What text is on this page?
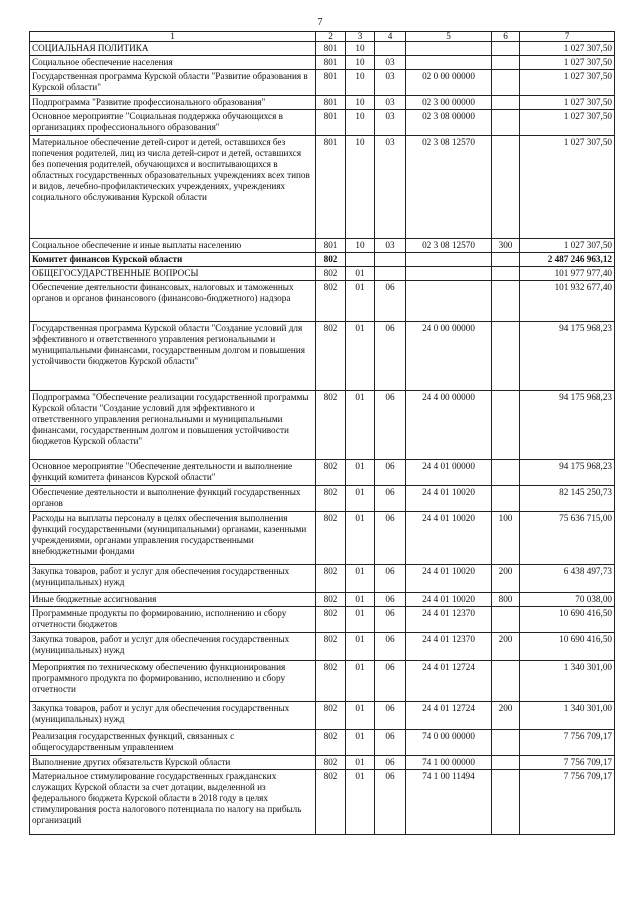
7
1	2	3	4	5	6	7
СОЦИАЛЬНАЯ ПОЛИТИКА	801	10				1 027 307,50
Социальное обеспечение населения	801	10	03			1 027 307,50
Государственная программа Курской области "Развитие образования в Курской области"	801	10	03	02 0 00 00000		1 027 307,50
Подпрограмма "Развитие профессионального образования"	801	10	03	02 3 00 00000		1 027 307,50
Основное мероприятие "Социальная поддержка обучающихся в организациях профессионального образования"	801	10	03	02 3 08 00000		1 027 307,50
Материальное обеспечение детей-сирот и детей, оставшихся без попечения родителей, лиц из числа детей-сирот и детей, оставшихся без попечения родителей, обучающихся и воспитывающихся в областных государственных образовательных учреждениях всех типов и видов, лечебно-профилактических учреждениях, учреждениях социального обслуживания Курской области	801	10	03	02 3 08 12570		1 027 307,50
Социальное обеспечение и иные выплаты населению	801	10	03	02 3 08 12570	300	1 027 307,50
Комитет финансов Курской области	802					2 487 246 963,12
ОБЩЕГОСУДАРСТВЕННЫЕ ВОПРОСЫ	802	01				101 977 977,40
Обеспечение деятельности финансовых, налоговых и таможенных органов и органов финансового (финансово-бюджетного) надзора	802	01	06			101 932 677,40
Государственная программа Курской области "Создание условий для эффективного и ответственного управления региональными и муниципальными финансами, государственным долгом и повышения устойчивости бюджетов Курской области"	802	01	06	24 0 00 00000		94 175 968,23
Подпрограмма "Обеспечение реализации государственной программы Курской области "Создание условий для эффективного и ответственного управления региональными и муниципальными финансами, государственным долгом и повышения устойчивости бюджетов Курской области"	802	01	06	24 4 00 00000		94 175 968,23
Основное мероприятие "Обеспечение деятельности и выполнение функций комитета финансов Курской области"	802	01	06	24 4 01 00000		94 175 968,23
Обеспечение деятельности и выполнение функций государственных органов	802	01	06	24 4 01 10020		82 145 250,73
Расходы на выплаты персоналу в целях обеспечения выполнения функций государственными (муниципальными) органами, казенными учреждениями, органами управления государственными внебюджетными фондами	802	01	06	24 4 01 10020	100	75 636 715,00
Закупка товаров, работ и услуг для обеспечения государственных (муниципальных) нужд	802	01	06	24 4 01 10020	200	6 438 497,73
Иные бюджетные ассигнования	802	01	06	24 4 01 10020	800	70 038,00
Программные продукты по формированию, исполнению и сбору отчетности бюджетов	802	01	06	24 4 01 12370		10 690 416,50
Закупка товаров, работ и услуг для обеспечения государственных (муниципальных) нужд	802	01	06	24 4 01 12370	200	10 690 416,50
Мероприятия по техническому обеспечению функционирования программного продукта по формированию, исполнению и сбору отчетности	802	01	06	24 4 01 12724		1 340 301,00
Закупка товаров, работ и услуг для обеспечения государственных (муниципальных) нужд	802	01	06	24 4 01 12724	200	1 340 301,00
Реализация государственных функций, связанных с общегосударственным управлением	802	01	06	74 0 00 00000		7 756 709,17
Выполнение других обязательств Курской области	802	01	06	74 1 00 00000		7 756 709,17
Материальное стимулирование государственных гражданских служащих Курской области за счет дотации, выделенной из федерального бюджета Курской области в 2018 году в целях стимулирования роста налогового потенциала по налогу на прибыль организаций	802	01	06	74 1 00 11494		7 756 709,17
